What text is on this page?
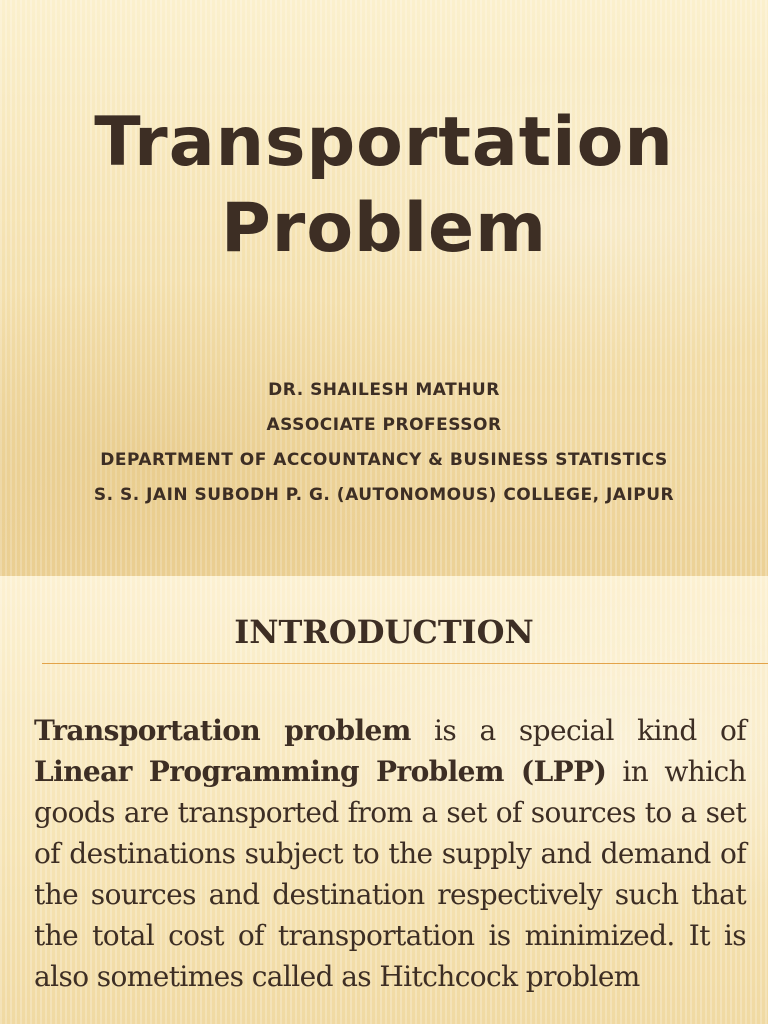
Transportation
Problem
DR. SHAILESH MATHUR
ASSOCIATE PROFESSOR
DEPARTMENT OF ACCOUNTANCY & BUSINESS STATISTICS
S. S. JAIN SUBODH P. G. (AUTONOMOUS) COLLEGE, JAIPUR
INTRODUCTION
Transportation problem is a special kind of Linear Programming Problem (LPP) in which goods are transported from a set of sources to a set of destinations subject to the supply and demand of the sources and destination respectively such that the total cost of transportation is minimized. It is also sometimes called as Hitchcock problem
